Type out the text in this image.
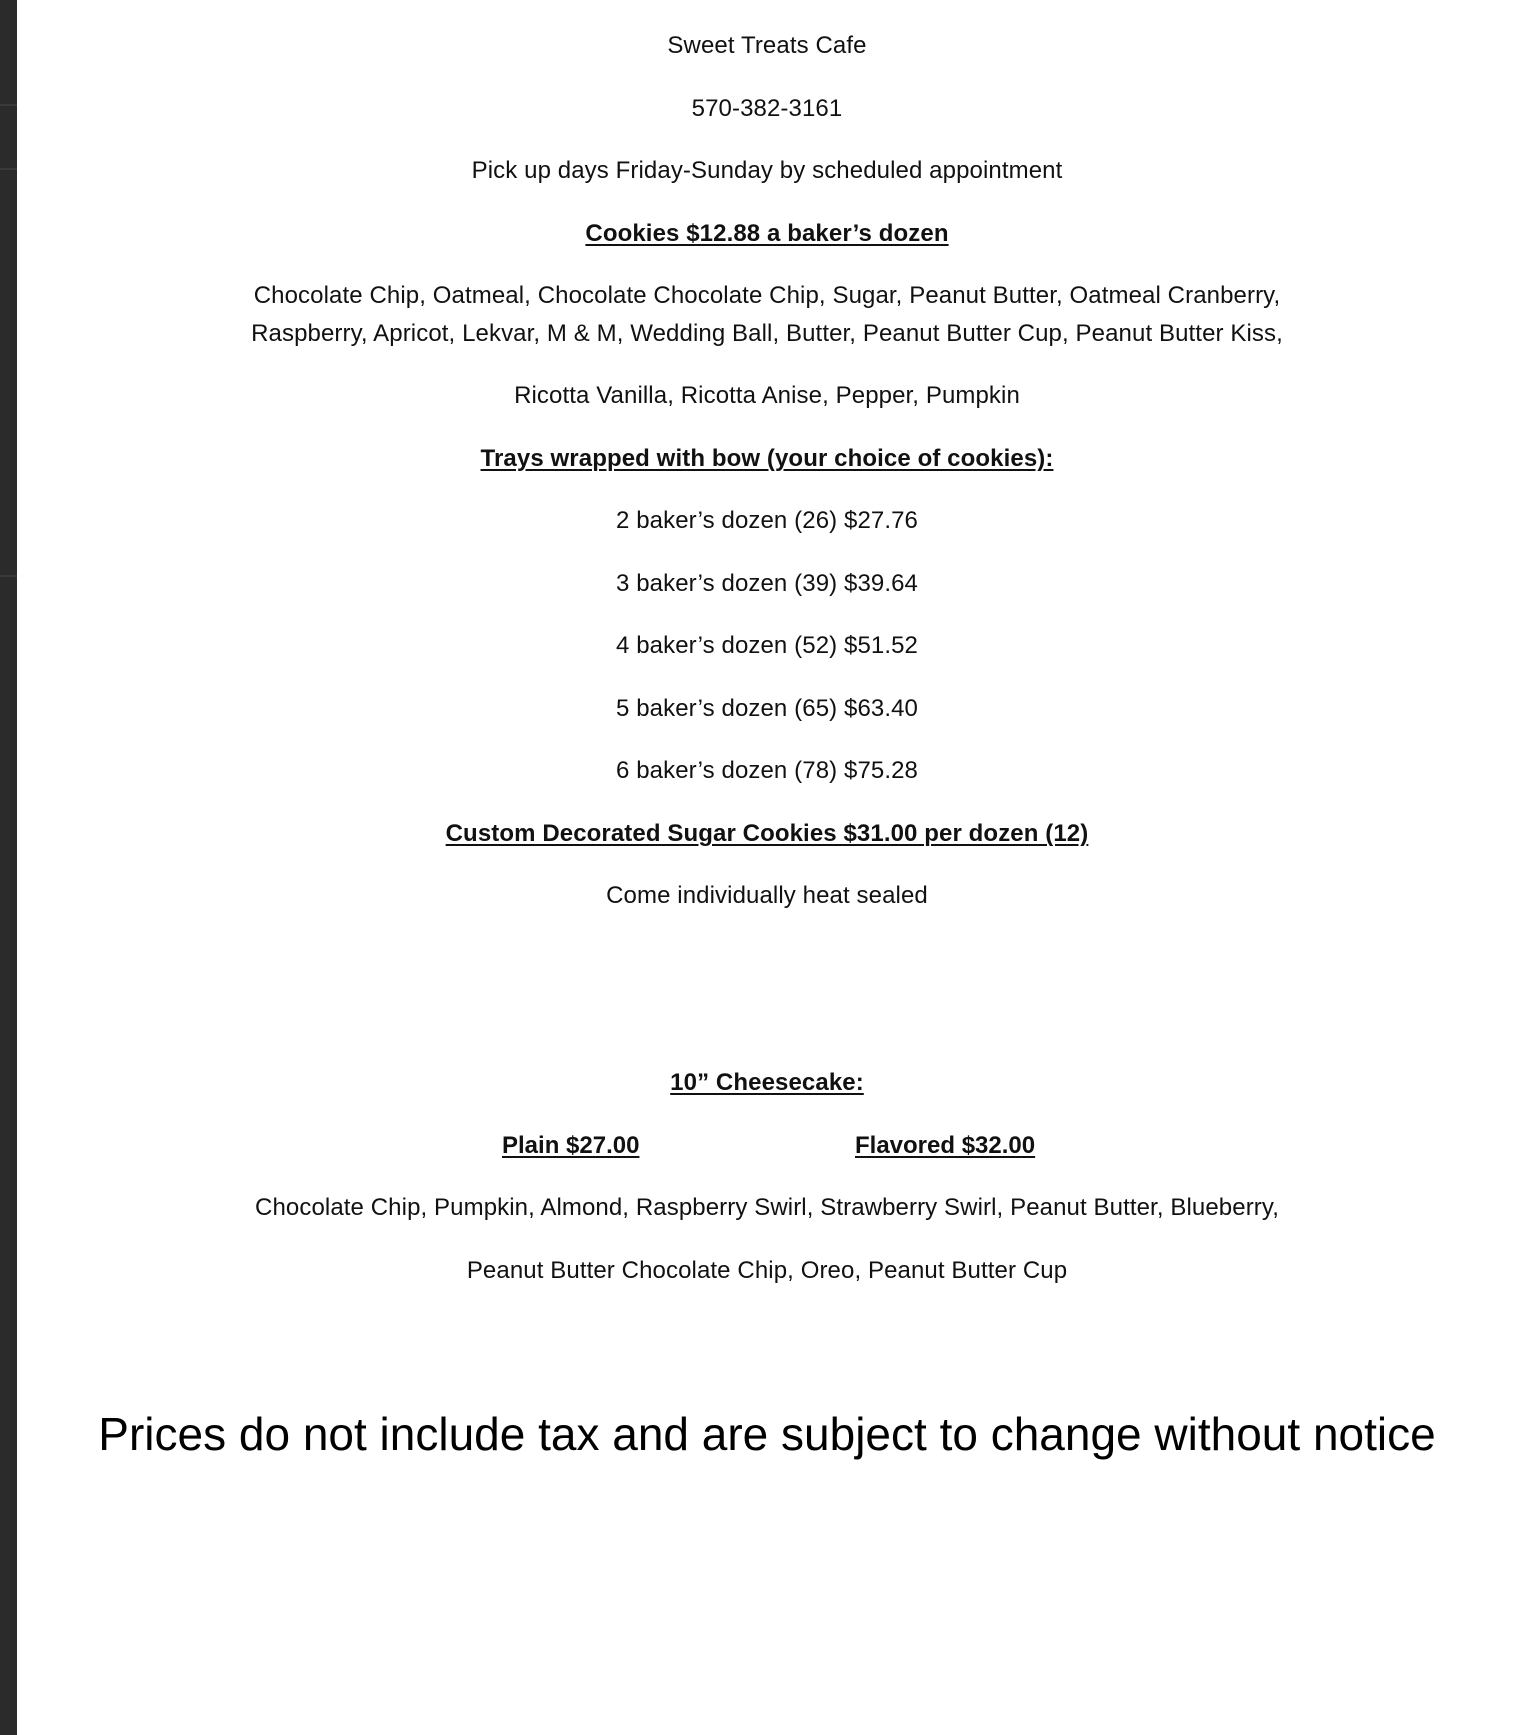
Sweet Treats Cafe
570-382-3161
Pick up days Friday-Sunday by scheduled appointment
Cookies $12.88 a baker’s dozen
Chocolate Chip, Oatmeal, Chocolate Chocolate Chip, Sugar, Peanut Butter, Oatmeal Cranberry,
Raspberry, Apricot, Lekvar, M & M, Wedding Ball, Butter, Peanut Butter Cup, Peanut Butter Kiss,
Ricotta Vanilla, Ricotta Anise, Pepper, Pumpkin
Trays wrapped with bow (your choice of cookies):
2 baker’s dozen (26) $27.76
3 baker’s dozen (39) $39.64
4 baker’s dozen (52) $51.52
5 baker’s dozen (65) $63.40
6 baker’s dozen (78) $75.28
Custom Decorated Sugar Cookies $31.00 per dozen (12)
Come individually heat sealed
10” Cheesecake:
Plain $27.00	Flavored $32.00
Chocolate Chip, Pumpkin, Almond, Raspberry Swirl, Strawberry Swirl, Peanut Butter, Blueberry,
Peanut Butter Chocolate Chip, Oreo, Peanut Butter Cup
Prices do not include tax and are subject to change without notice
